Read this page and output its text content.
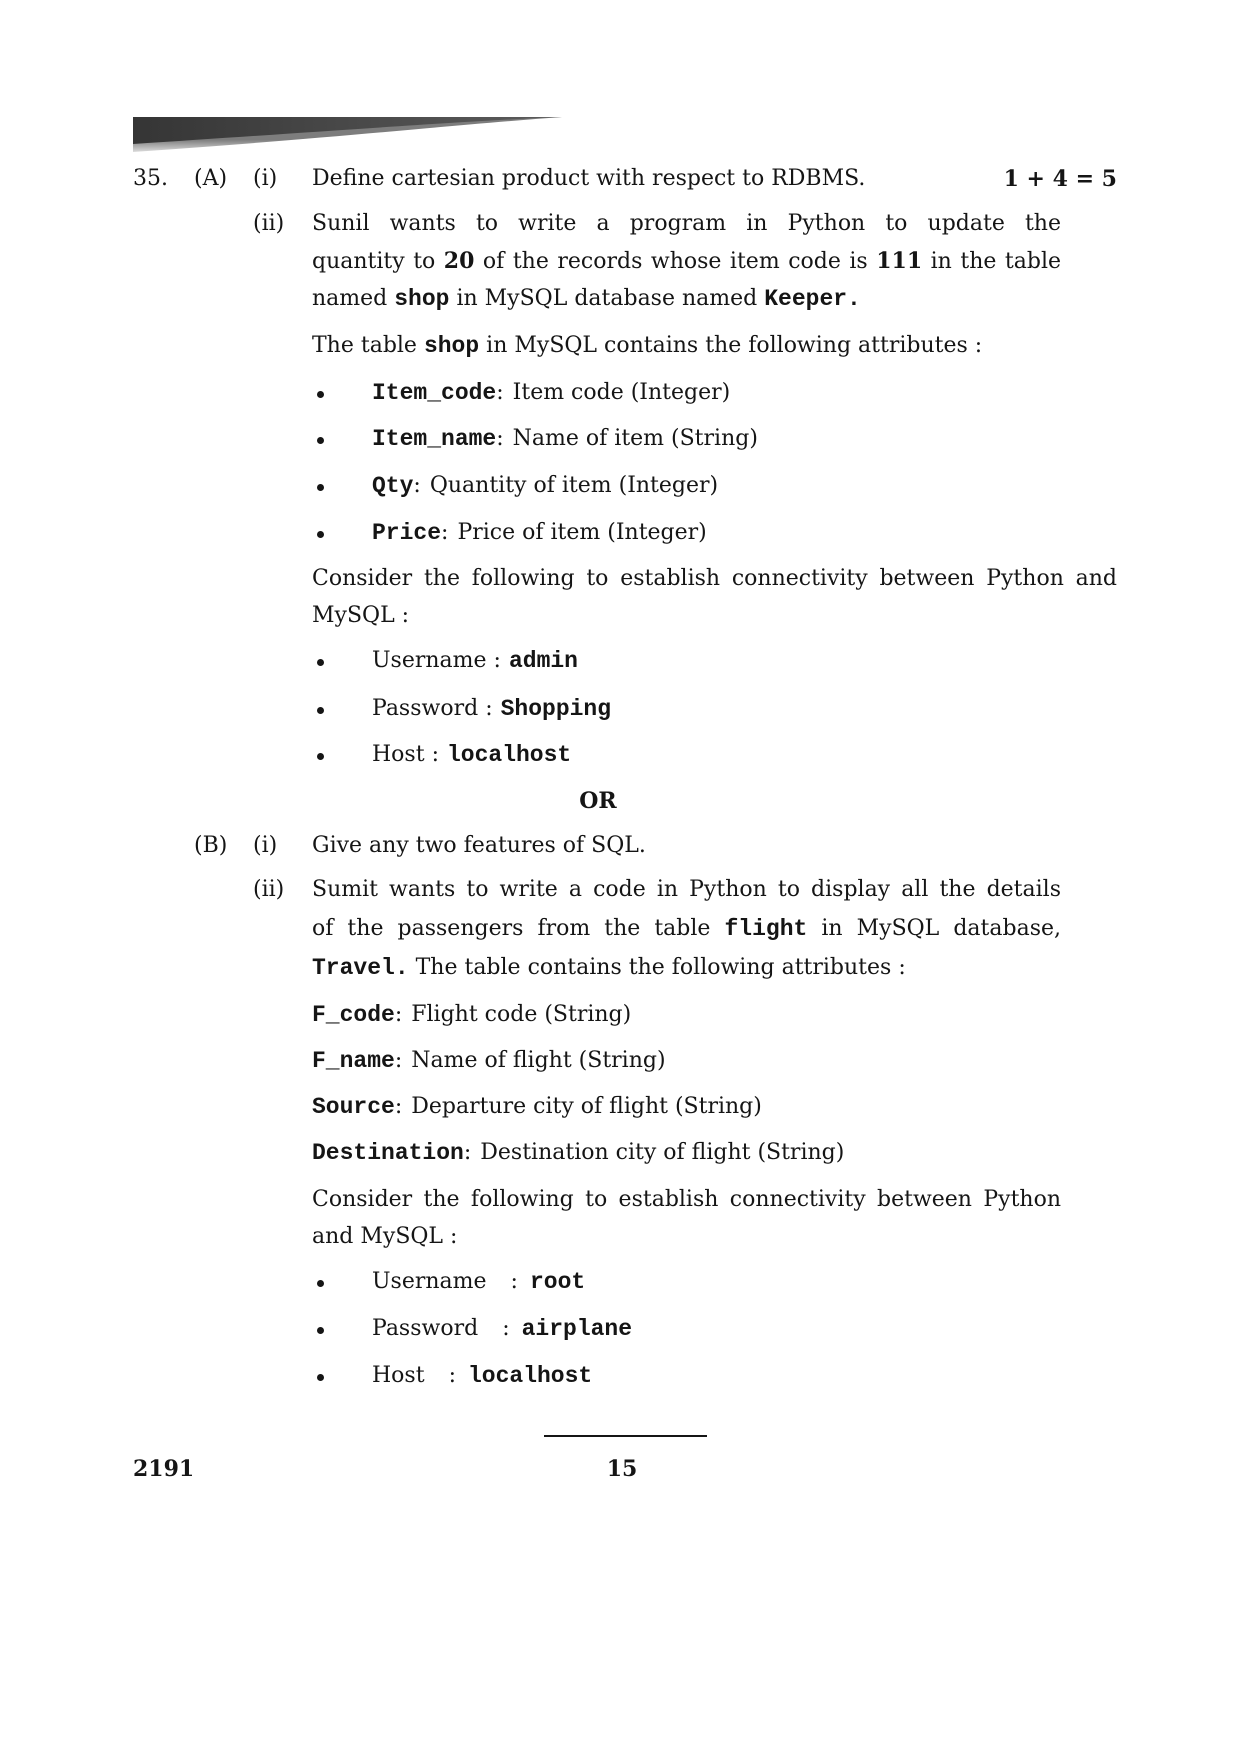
35. (A) (i) Define cartesian product with respect to RDBMS.	1 + 4 = 5
(ii) Sunil wants to write a program in Python to update the
quantity to 20 of the records whose item code is 111 in the table
named shop in MySQL database named Keeper.
The table shop in MySQL contains the following attributes :
Item_code: Item code (Integer)
Item_name: Name of item (String)
Qty: Quantity of item (Integer)
Price: Price of item (Integer)
Consider the following to establish connectivity between Python and
MySQL :
Username : admin
Password : Shopping
Host : localhost
OR
(B) (i) Give any two features of SQL.
(ii) Sumit wants to write a code in Python to display all the details
of the passengers from the table flight in MySQL database,
Travel. The table contains the following attributes :
F_code: Flight code (String)
F_name: Name of flight (String)
Source: Departure city of flight (String)
Destination: Destination city of flight (String)
Consider the following to establish connectivity between Python
and MySQL :
Username : root
Password : airplane
Host : localhost
2191	15
